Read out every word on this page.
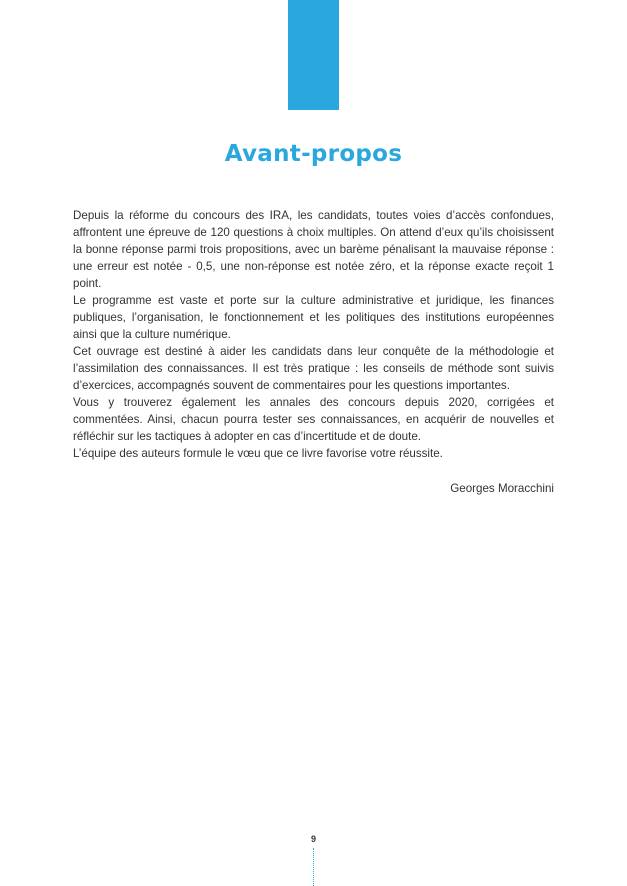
Avant-propos

Depuis la réforme du concours des IRA, les candidats, toutes voies d’accès confondues, affrontent une épreuve de 120 questions à choix multiples. On attend d’eux qu’ils choisissent la bonne réponse parmi trois propositions, avec un barème pénalisant la mauvaise réponse : une erreur est notée - 0,5, une non-réponse est notée zéro, et la réponse exacte reçoit 1 point.

Le programme est vaste et porte sur la culture administrative et juridique, les finances publiques, l’organisation, le fonctionnement et les politiques des institutions européennes ainsi que la culture numérique.

Cet ouvrage est destiné à aider les candidats dans leur conquête de la méthodologie et l’assimilation des connaissances. Il est très pratique : les conseils de méthode sont suivis d’exercices, accompagnés souvent de commentaires pour les questions importantes.

Vous y trouverez également les annales des concours depuis 2020, corrigées et commentées. Ainsi, chacun pourra tester ses connaissances, en acquérir de nouvelles et réfléchir sur les tactiques à adopter en cas d’incertitude et de doute.

L’équipe des auteurs formule le vœu que ce livre favorise votre réussite.

Georges Moracchini
9
